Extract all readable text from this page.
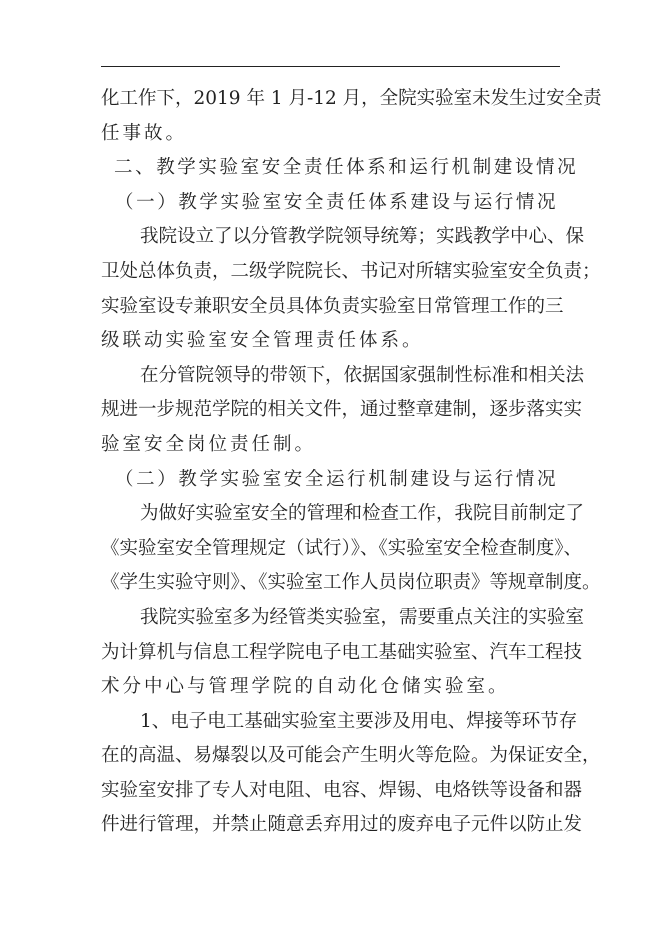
化工作下，2019 年 1 月-12 月，全院实验室未发生过安全责
任事故。
二、教学实验室安全责任体系和运行机制建设情况
（一）教学实验室安全责任体系建设与运行情况
我院设立了以分管教学院领导统筹；实践教学中心、保
卫处总体负责，二级学院院长、书记对所辖实验室安全负责；
实验室设专兼职安全员具体负责实验室日常管理工作的三
级联动实验室安全管理责任体系。
在分管院领导的带领下，依据国家强制性标准和相关法
规进一步规范学院的相关文件，通过整章建制，逐步落实实
验室安全岗位责任制。
（二）教学实验室安全运行机制建设与运行情况
为做好实验室安全的管理和检查工作，我院目前制定了
《实验室安全管理规定（试行）》、《实验室安全检查制度》、
《学生实验守则》、《实验室工作人员岗位职责》等规章制度。
我院实验室多为经管类实验室，需要重点关注的实验室
为计算机与信息工程学院电子电工基础实验室、汽车工程技
术分中心与管理学院的自动化仓储实验室。
1、电子电工基础实验室主要涉及用电、焊接等环节存
在的高温、易爆裂以及可能会产生明火等危险。为保证安全，
实验室安排了专人对电阻、电容、焊锡、电烙铁等设备和器
件进行管理，并禁止随意丢弃用过的废弃电子元件以防止发
